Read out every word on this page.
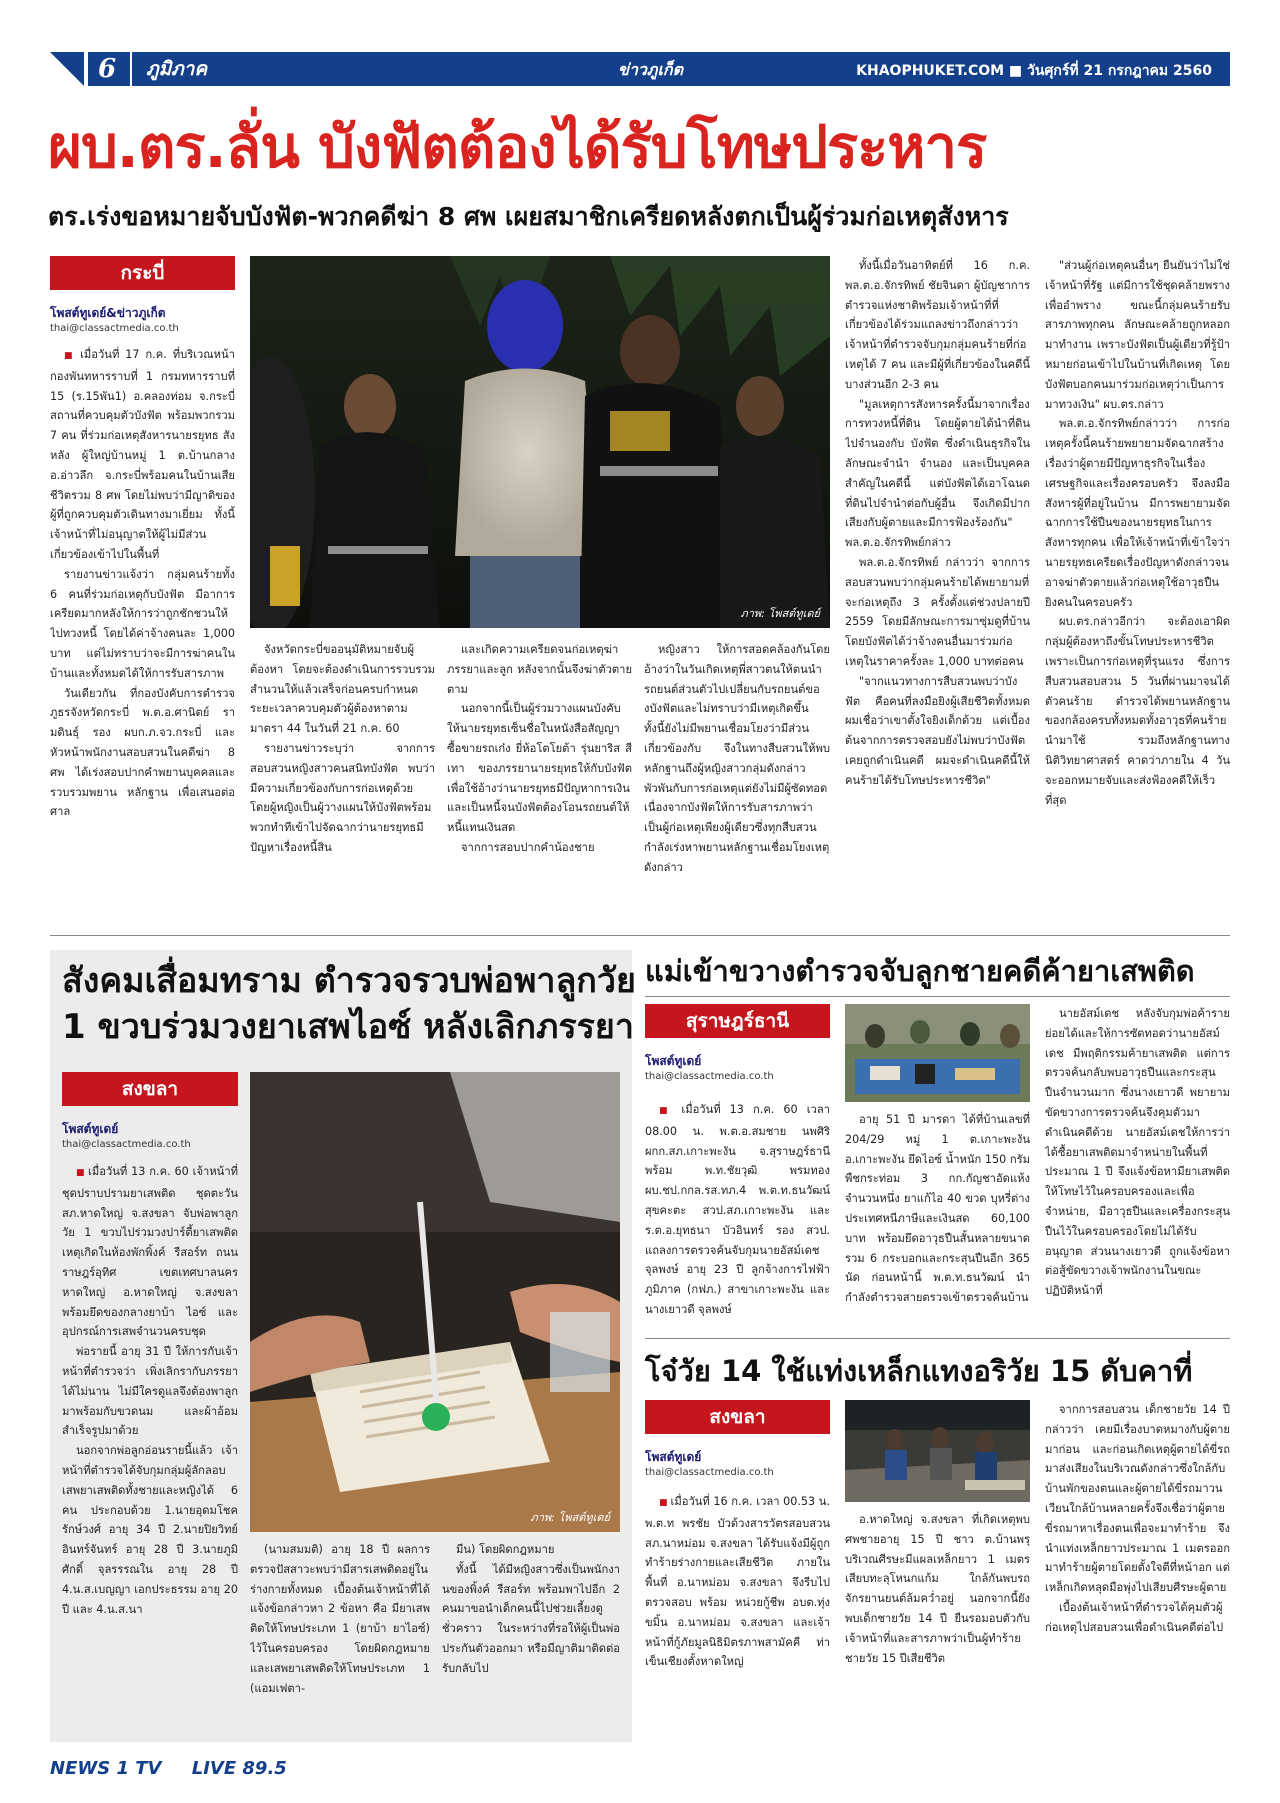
6	ภูมิภาค	ข่าวภูเก็ต	KHAOPHUKET.COM ■ วันศุกร์ที่ 21 กรกฎาคม 2560
ผบ.ตร.ลั่น บังฟัตต้องได้รับโทษประหาร
ตร.เร่งขอหมายจับบังฟัต-พวกคดีฆ่า 8 ศพ เผยสมาชิกเครียดหลังตกเป็นผู้ร่วมก่อเหตุสังหาร
กระบี่
โพสต์ทูเดย์&ข่าวภูเก็ต
thai@classactmedia.co.th

■ เมื่อวันที่ 17 ก.ค. ที่บริเวณหน้ากองพันทหารราบที่ 1 กรมทหารราบที่ 15 (ร.15พัน1) อ.คลองท่อม จ.กระบี่ สถานที่ควบคุมตัวบังฟัต พร้อมพวกรวม 7 คน ที่ร่วมก่อเหตุสังหารนายรยุทธ สังหลัง ผู้ใหญ่บ้านหมู่ 1 ต.บ้านกลาง อ.อ่าวลึก จ.กระบี่พร้อมคนในบ้านเสียชีวิตรวม 8 ศพ โดยไม่พบว่ามีญาติของผู้ที่ถูกควบคุมตัวเดินทางมาเยี่ยม ทั้งนี้เจ้าหน้าที่ไม่อนุญาตให้ผู้ไม่มีส่วนเกี่ยวข้องเข้าไปในพื้นที่

รายงานข่าวแจ้งว่า กลุ่มคนร้ายทั้ง 6 คนที่ร่วมก่อเหตุกับบังฟัต มีอาการเครียดมากหลังให้การว่าถูกชักชวนให้ไปทวงหนี้ โดยได้ค่าจ้างคนละ 1,000 บาท แต่ไม่ทราบว่าจะมีการฆ่าคนในบ้านและทั้งหมดได้ให้การรับสารภาพ

วันเดียวกัน ที่กองบังคับการตำรวจภูธรจังหวัดกระบี่ พ.ต.อ.ศานิตย์ รามดินธุ์ รอง ผบก.ภ.จว.กระบี่ และหัวหน้าพนักงานสอบสวนในคดีฆ่า 8 ศพ ได้เร่งสอบปากคำพยานบุคคลและรวบรวมพยาน หลักฐาน เพื่อเสนอต่อศาล

ภาพ: โพสต์ทูเดย์

จังหวัดกระบี่ขออนุมัติหมายจับผู้ต้องหา โดยจะต้องดำเนินการรวบรวมสำนวนให้แล้วเสร็จก่อนครบกำหนดระยะเวลาควบคุมตัวผู้ต้องหาตามมาตรา 44 ในวันที่ 21 ก.ค. 60

รายงานข่าวระบุว่า จากการสอบสวนหญิงสาวคนสนิทบังฟัต พบว่ามีความเกี่ยวข้องกับการก่อเหตุด้วย โดยผู้หญิงเป็นผู้วางแผนให้บังฟัตพร้อมพวกทำทีเข้าไปจัดฉากว่านายรยุทธมีปัญหาเรื่องหนี้สิน

และเกิดความเครียดจนก่อเหตุฆ่าภรรยาและลูก หลังจากนั้นจึงฆ่าตัวตายตาม

นอกจากนี้เป็นผู้ร่วมวางแผนบังคับให้นายรยุทธเซ็นชื่อในหนังสือสัญญาซื้อขายรถเก๋ง ยี่ห้อโตโยต้า รุ่นยาริส สีเทา ของภรรยานายรยุทธให้กับบังฟัตเพื่อใช้อ้างว่านายรยุทธมีปัญหาการเงินและเป็นหนี้จนบังฟัตต้องโอนรถยนต์ให้หนี้แทนเงินสด

จากการสอบปากคำน้องชาย

หญิงสาว ให้การสอดคล้องกันโดยอ้างว่าในวันเกิดเหตุพี่สาวตนให้ตนนำรถยนต์ส่วนตัวไปเปลี่ยนกับรถยนต์ของบังฟัตและไม่ทราบว่ามีเหตุเกิดขึ้น ทั้งนี้ยังไม่มีพยานเชื่อมโยงว่ามีส่วนเกี่ยวข้องกับ จึงในทางสืบสวนให้พบหลักฐานถึงผู้หญิงสาวกลุ่มดังกล่าวพัวพันกับการก่อเหตุแต่ยังไม่มีผู้ซัดทอด เนื่องจากบังฟัตให้การรับสารภาพว่าเป็นผู้ก่อเหตุเพียงผู้เดียวซึ่งทุกสืบสวนกำลังเร่งหาพยานหลักฐานเชื่อมโยงเหตุดังกล่าว

ทั้งนี้เมื่อวันอาทิตย์ที่ 16 ก.ค. พล.ต.อ.จักรทิพย์ ชัยจินดา ผู้บัญชาการตำรวจแห่งชาติพร้อมเจ้าหน้าที่ที่เกี่ยวข้องได้ร่วมแถลงข่าวถึงกล่าวว่าเจ้าหน้าที่ตำรวจจับกุมกลุ่มคนร้ายที่ก่อเหตุได้ 7 คน และมีผู้ที่เกี่ยวข้องในคดีนี้บางส่วนอีก 2-3 คน

"มูลเหตุการสังหารครั้งนี้มาจากเรื่องการทวงหนี้ที่ดิน โดยผู้ตายได้นำที่ดินไปจำนองกับ บังฟัต ซึ่งดำเนินธุรกิจในลักษณะจำนำ จำนอง และเป็นบุคคลสำคัญในคดีนี้ แต่บังฟัตได้เอาโฉนดที่ดินไปจำนำต่อกับผู้อื่น จึงเกิดมีปากเสียงกับผู้ตายและมีการฟ้องร้องกัน" พล.ต.อ.จักรทิพย์กล่าว

พล.ต.อ.จักรทิพย์ กล่าวว่า จากการสอบสวนพบว่ากลุ่มคนร้ายได้พยายามที่จะก่อเหตุถึง 3 ครั้งตั้งแต่ช่วงปลายปี 2559 โดยมีลักษณะการมาซุ่มดูที่บ้าน โดยบังฟัตได้ว่าจ้างคนอื่นมาร่วมก่อเหตุในราคาครั้งละ 1,000 บาทต่อคน

"จากแนวทางการสืบสวนพบว่าบังฟัต คือคนที่ลงมือยิงผู้เสียชีวิตทั้งหมด ผมเชื่อว่าเขาตั้งใจยิงเด็กด้วย แต่เบื้องต้นจากการตรวจสอบยังไม่พบว่าบังฟัตเคยถูกดำเนินคดี ผมจะดำเนินคดีนี้ให้คนร้ายได้รับโทษประหารชีวิต"

"ส่วนผู้ก่อเหตุคนอื่นๆ ยืนยันว่าไม่ใช่เจ้าหน้าที่รัฐ แต่มีการใช้ชุดคล้ายพรางเพื่ออำพราง ขณะนี้กลุ่มคนร้ายรับสารภาพทุกคน ลักษณะคล้ายถูกหลอกมาทำงาน เพราะบังฟัตเป็นผู้เดียวที่รู้ป้าหมายก่อนเข้าไปในบ้านที่เกิดเหตุ โดยบังฟัตบอกคนมาร่วมก่อเหตุว่าเป็นการมาทวงเงิน" ผบ.ตร.กล่าว

พล.ต.อ.จักรทิพย์กล่าวว่า การก่อเหตุครั้งนี้คนร้ายพยายามจัดฉากสร้างเรื่องว่าผู้ตายมีปัญหาธุรกิจในเรื่องเศรษฐกิจและเรื่องครอบครัว จึงลงมือสังหารผู้ที่อยู่ในบ้าน มีการพยายามจัดฉากการใช้ปืนของนายรยุทธในการสังหารทุกคน เพื่อให้เจ้าหน้าที่เข้าใจว่านายรยุทธเครียดเรื่องปัญหาดังกล่าวจนอาจฆ่าตัวตายแล้วก่อเหตุใช้อาวุธปืนยิงคนในครอบครัว

ผบ.ตร.กล่าวอีกว่า จะต้องเอาผิดกลุ่มผู้ต้องหาถึงขั้นโทษประหารชีวิต เพราะเป็นการก่อเหตุที่รุนแรง ซึ่งการสืบสวนสอบสวน 5 วันที่ผ่านมาจนได้ตัวคนร้าย ตำรวจได้พยานหลักฐานของกล้องครบทั้งหมดทั้งอาวุธที่คนร้ายนำมาใช้ รวมถึงหลักฐานทางนิติวิทยาศาสตร์ คาดว่าภายใน 4 วันจะออกหมายจับและส่งฟ้องคดีให้เร็วที่สุด

สังคมเสื่อมทราม ตำรวจรวบพ่อพาลูกวัย
1 ขวบร่วมวงยาเสพไอซ์ หลังเลิกภรรยา
สงขลา
โพสต์ทูเดย์
thai@classactmedia.co.th

■ เมื่อวันที่ 13 ก.ค. 60 เจ้าหน้าที่ชุดปราบปรามยาเสพติด ชุดตะวัน สภ.หาดใหญ่ จ.สงขลา จับพ่อพาลูกวัย 1 ขวบไปร่วมวงปาร์ตี้ยาเสพติด เหตุเกิดในห้องพักพิ้งค์ รีสอร์ท ถนนราษฎร์อุทิศ เขตเทศบาลนครหาดใหญ่ อ.หาดใหญ่ จ.สงขลา พร้อมยึดของกลางยาบ้า ไอซ์ และอุปกรณ์การเสพจำนวนครบชุด

พ่อรายนี้ อายุ 31 ปี ให้การกับเจ้าหน้าที่ตำรวจว่า เพิ่งเลิกรากับภรรยาได้ไม่นาน ไม่มีใครดูแลจึงต้องพาลูกมาพร้อมกับขวดนม และผ้าอ้อมสำเร็จรูปมาด้วย

นอกจากพ่อลูกอ่อนรายนี้แล้ว เจ้าหน้าที่ตำรวจได้จับกุมกลุ่มผู้ลักลอบเสพยาเสพติดทั้งชายและหญิงได้ 6 คน ประกอบด้วย 1.นายอุดมโชค รักษ์วงศ์ อายุ 34 ปี 2.นายปิยวิทย์ อินทร์จันทร์ อายุ 28 ปี 3.นายภูมิศักดิ์ จุลรรรณใน อายุ 28 ปี 4.น.ส.เบญญา เอกประธรรม อายุ 20 ปี และ 4.น.ส.นา

ภาพ: โพสต์ทูเดย์

(นามสมมติ) อายุ 18 ปี ผลการตรวจปัสสาวะพบว่ามีสารเสพติดอยู่ในร่างกายทั้งหมด เบื้องต้นเจ้าหน้าที่ได้แจ้งข้อกล่าวหา 2 ข้อหา คือ มียาเสพติดให้โทษประเภท 1 (ยาบ้า ยาไอซ์) ไว้ในครอบครอง โดยผิดกฎหมาย และเสพยาเสพติดให้โทษประเภท 1 (แอมเฟตา-

มีน) โดยผิดกฎหมาย

ทั้งนี้ ได้มีหญิงสาวซึ่งเป็นพนักงานของพิ้งค์ รีสอร์ท พร้อมพาไปอีก 2 คนมาขอนำเด็กคนนี้ไปช่วยเลี้ยงดูชั่วคราว ในระหว่างที่รอให้ผู้เป็นพ่อประกันตัวออกมา หรือมีญาติมาติดต่อรับกลับไป

แม่เข้าขวางตำรวจจับลูกชายคดีค้ายาเสพติด
สุราษฎร์ธานี
โพสต์ทูเดย์
thai@classactmedia.co.th

■ เมื่อวันที่ 13 ก.ค. 60 เวลา 08.00 น. พ.ต.อ.สมชาย นพศิริ ผกก.สภ.เกาะพะงัน จ.สุราษฎร์ธานี พร้อม พ.ท.ชัยวุฒิ พรมทอง ผบ.ชป.กกล.รส.ทภ.4 พ.ต.ท.ธนวัฒน์ สุขคะตะ สวป.สภ.เกาะพะงัน และ ร.ต.อ.ยุทธนา บัวอินทร์ รอง สวป. แถลงการตรวจค้นจับกุมนายอัสม์เดช จุลพงษ์ อายุ 23 ปี ลูกจ้างการไฟฟ้า ภูมิภาค (กฟภ.) สาขาเกาะพะงัน และนางเยาวดี จุลพงษ์

อายุ 51 ปี มารดา ได้ที่บ้านเลขที่ 204/29 หมู่ 1 ต.เกาะพะงัน อ.เกาะพะงัน ยึดไอซ์ น้ำหนัก 150 กรัม พืชกระท่อม 3 กก.กัญชาอัดแห้งจำนวนหนึ่ง ยาแก้ไอ 40 ขวด บุหรี่ต่างประเทศหนีภาษีและเงินสด 60,100 บาท พร้อมยึดอาวุธปืนสั้นหลายขนาด รวม 6 กระบอกและกระสุนปืนอีก 365 นัด ก่อนหน้านี้ พ.ต.ท.ธนวัฒน์ นำกำลังตำรวจสายตรวจเข้าตรวจค้นบ้าน

นายอัสม์เดช หลังจับกุมพ่อค้ารายย่อยได้และให้การซัดทอดว่านายอัสม์เดช มีพฤติกรรมค้ายาเสพติด แต่การตรวจค้นกลับพบอาวุธปืนและกระสุนปืนจำนวนมาก ซึ่งนางเยาวดี พยายามขัดขวางการตรวจค้นจึงคุมตัวมาดำเนินคดีด้วย นายอัสม์เดชให้การว่าได้ซื้อยาเสพติดมาจำหน่ายในพื้นที่ประมาณ 1 ปี จึงแจ้งข้อหามียาเสพติดให้โทษไว้ในครอบครองและเพื่อจำหน่าย, มีอาวุธปืนและเครื่องกระสุนปืนไว้ในครอบครองโดยไม่ได้รับอนุญาต ส่วนนางเยาวดี ถูกแจ้งข้อหาต่อสู้ขัดขวางเจ้าพนักงานในขณะปฏิบัติหน้าที่

โจ๋วัย 14 ใช้แท่งเหล็กแทงอริวัย 15 ดับคาที่
สงขลา
โพสต์ทูเดย์
thai@classactmedia.co.th

■ เมื่อวันที่ 16 ก.ค. เวลา 00.53 น. พ.ต.ท พรชัย บัวด้วงสารวัตรสอบสวน สภ.นาหม่อม จ.สงขลา ได้รับแจ้งมีผู้ถูกทำร้ายร่างกายและเสียชีวิต ภายในพื้นที่ อ.นาหม่อม จ.สงขลา จึงรีบไปตรวจสอบ พร้อม หน่วยกู้ชีพ อบต.ทุ่งขมิ้น อ.นาหม่อม จ.สงขลา และเจ้าหน้าที่กู้ภัยมูลนิธิมิตรภาพสามัคคี ท่าเข็นเชียงตั้งหาดใหญ่

อ.หาดใหญ่ จ.สงขลา ที่เกิดเหตุพบศพชายอายุ 15 ปี ชาว ต.บ้านพรุ บริเวณศีรษะมีแผลเหล็กยาว 1 เมตรเสียบทะลุโหนกแก้ม ใกล้กันพบรถจักรยานยนต์ล้มคว่ำอยู่ นอกจากนี้ยังพบเด็กชายวัย 14 ปี ยืนรอมอบตัวกับเจ้าหน้าที่และสารภาพว่าเป็นผู้ทำร้ายชายวัย 15 ปีเสียชีวิต

จากการสอบสวน เด็กชายวัย 14 ปี กล่าวว่า เคยมีเรื่องบาดหมางกับผู้ตายมาก่อน และก่อนเกิดเหตุผู้ตายได้ขี่รถมาส่งเสียงในบริเวณดังกล่าวซึ่งใกล้กับบ้านพักของตนและผู้ตายได้ขี่รถมาวนเวียนใกล้บ้านหลายครั้งจึงเชื่อว่าผู้ตายขี่รถมาหาเรื่องตนเพื่อจะมาทำร้าย จึงนำแท่งเหล็กยาวประมาณ 1 เมตรออกมาทำร้ายผู้ตายโดยตั้งใจตีที่หน้าอก แต่เหล็กเกิดหลุดมือพุ่งไปเสียบศีรษะผู้ตาย

เบื้องต้นเจ้าหน้าที่ตำรวจได้คุมตัวผู้ก่อเหตุไปสอบสวนเพื่อดำเนินคดีต่อไป

NEWS 1 TV LIVE 89.5
